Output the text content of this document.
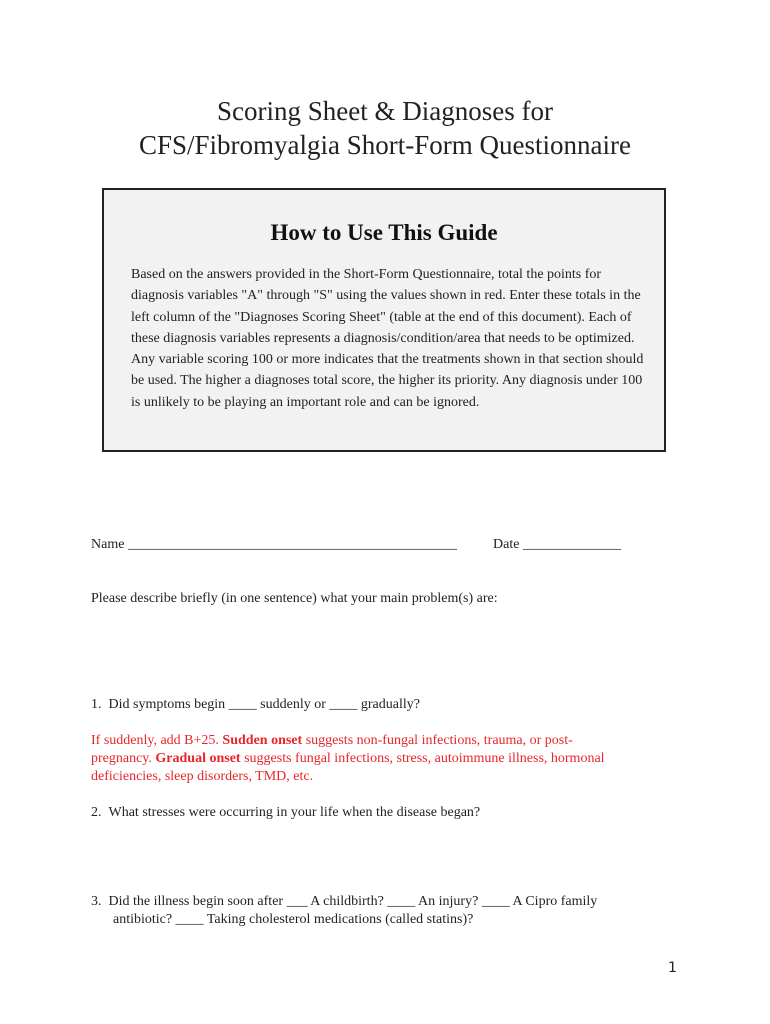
Scoring Sheet & Diagnoses for
CFS/Fibromyalgia Short-Form Questionnaire
How to Use This Guide
Based on the answers provided in the Short-Form Questionnaire, total the points for diagnosis variables "A" through "S" using the values shown in red. Enter these totals in the left column of the "Diagnoses Scoring Sheet" (table at the end of this document). Each of these diagnosis variables represents a diagnosis/condition/area that needs to be optimized. Any variable scoring 100 or more indicates that the treatments shown in that section should be used. The higher a diagnoses total score, the higher its priority. Any diagnosis under 100 is unlikely to be playing an important role and can be ignored.
Name _______________________________________________	Date ______________
Please describe briefly (in one sentence) what your main problem(s) are:
1.  Did symptoms begin ____ suddenly or ____ gradually?
If suddenly, add B+25. Sudden onset suggests non-fungal infections, trauma, or post-
pregnancy. Gradual onset suggests fungal infections, stress, autoimmune illness, hormonal
deficiencies, sleep disorders, TMD, etc.
2.  What stresses were occurring in your life when the disease began?
3.  Did the illness begin soon after ___ A childbirth? ____ An injury? ____ A Cipro family
antibiotic? ____ Taking cholesterol medications (called statins)?
1
